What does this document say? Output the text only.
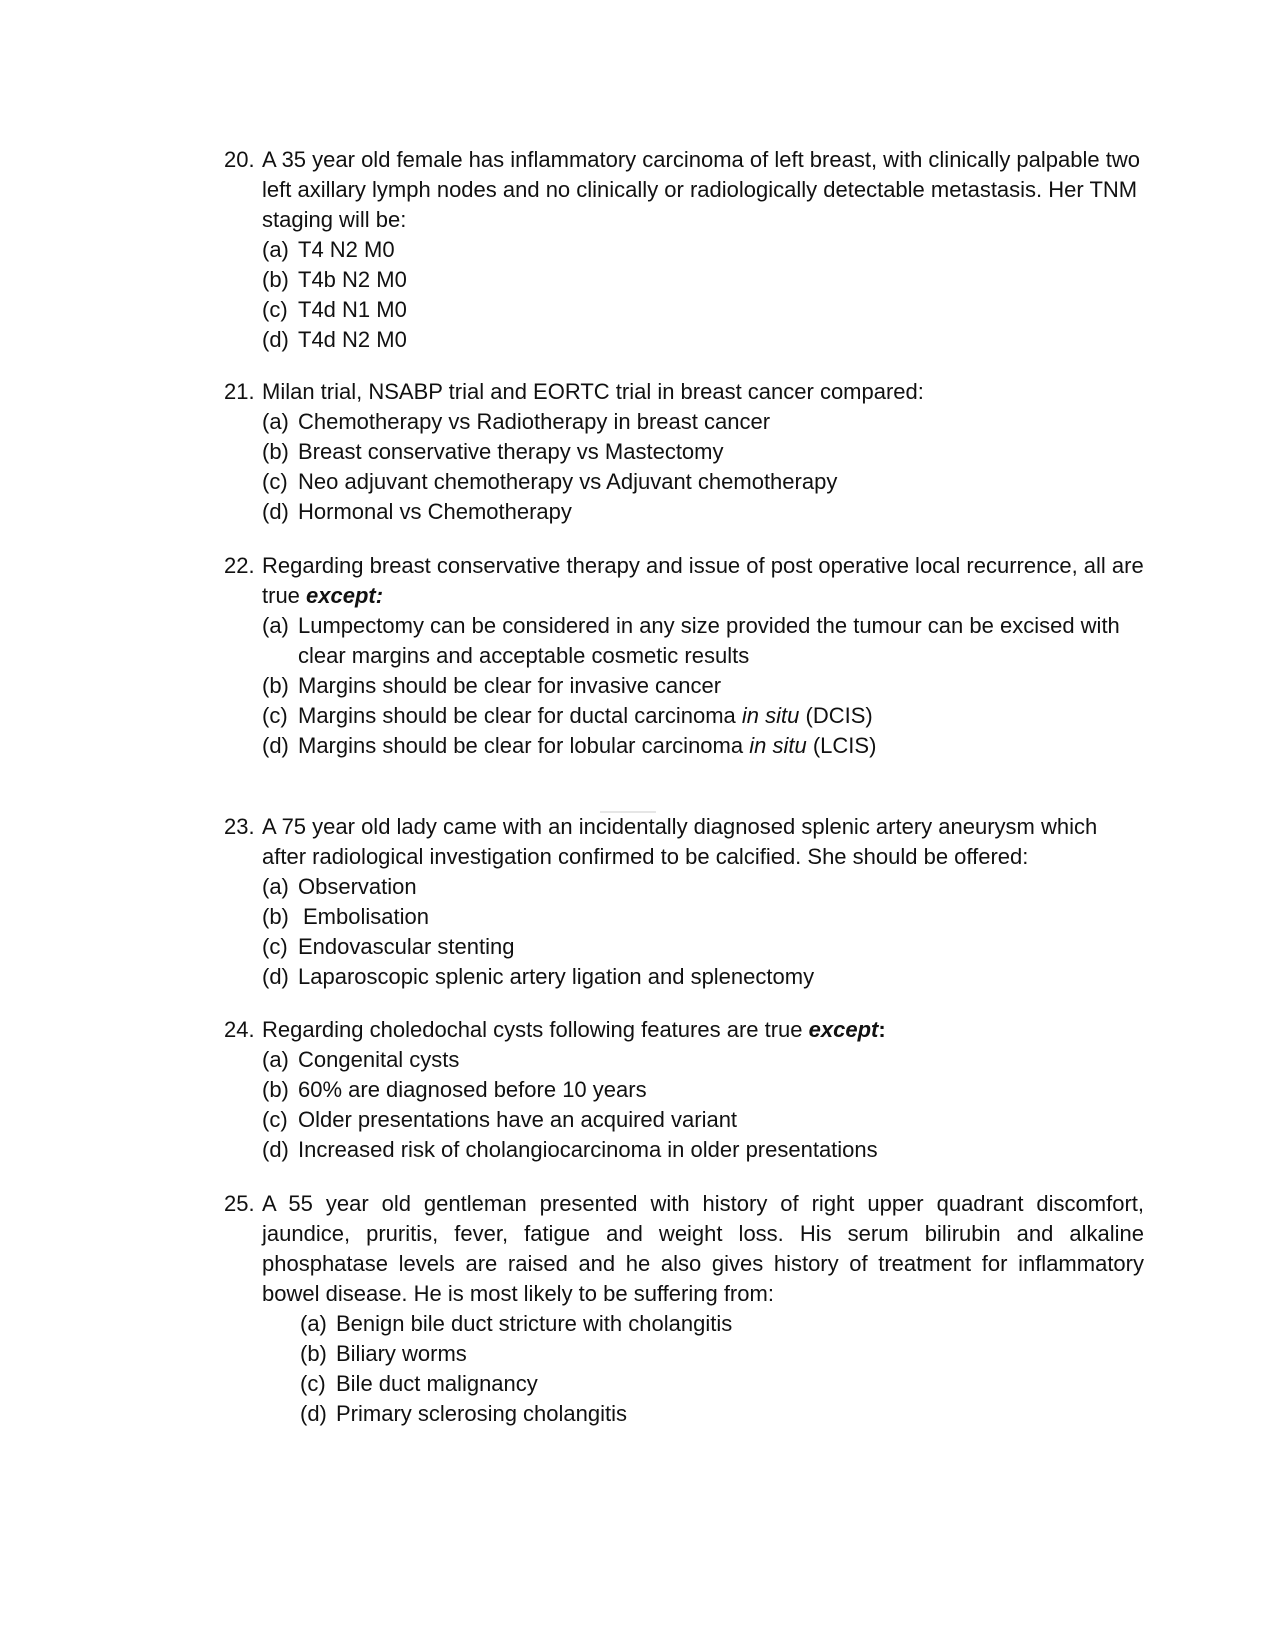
20. A 35 year old female has inflammatory carcinoma of left breast, with clinically palpable two left axillary lymph nodes and no clinically or radiologically detectable metastasis. Her TNM staging will be:

(a) T4 N2 M0
(b) T4b N2 M0
(c) T4d N1 M0
(d) T4d N2 M0

21. Milan trial, NSABP trial and EORTC trial in breast cancer compared:

(a) Chemotherapy vs Radiotherapy in breast cancer
(b) Breast conservative therapy vs Mastectomy
(c) Neo adjuvant chemotherapy vs Adjuvant chemotherapy
(d) Hormonal vs Chemotherapy

22. Regarding breast conservative therapy and issue of post operative local recurrence, all are true except:

(a) Lumpectomy can be considered in any size provided the tumour can be excised with clear margins and acceptable cosmetic results
(b) Margins should be clear for invasive cancer
(c) Margins should be clear for ductal carcinoma in situ (DCIS)
(d) Margins should be clear for lobular carcinoma in situ (LCIS)

23. A 75 year old lady came with an incidentally diagnosed splenic artery aneurysm which after radiological investigation confirmed to be calcified. She should be offered:

(a) Observation
(b) Embolisation
(c) Endovascular stenting
(d) Laparoscopic splenic artery ligation and splenectomy

24. Regarding choledochal cysts following features are true except:

(a) Congenital cysts
(b) 60% are diagnosed before 10 years
(c) Older presentations have an acquired variant
(d) Increased risk of cholangiocarcinoma in older presentations

25. A 55 year old gentleman presented with history of right upper quadrant discomfort, jaundice, pruritis, fever, fatigue and weight loss. His serum bilirubin and alkaline phosphatase levels are raised and he also gives history of treatment for inflammatory bowel disease. He is most likely to be suffering from:

(a) Benign bile duct stricture with cholangitis
(b) Biliary worms
(c) Bile duct malignancy
(d) Primary sclerosing cholangitis
